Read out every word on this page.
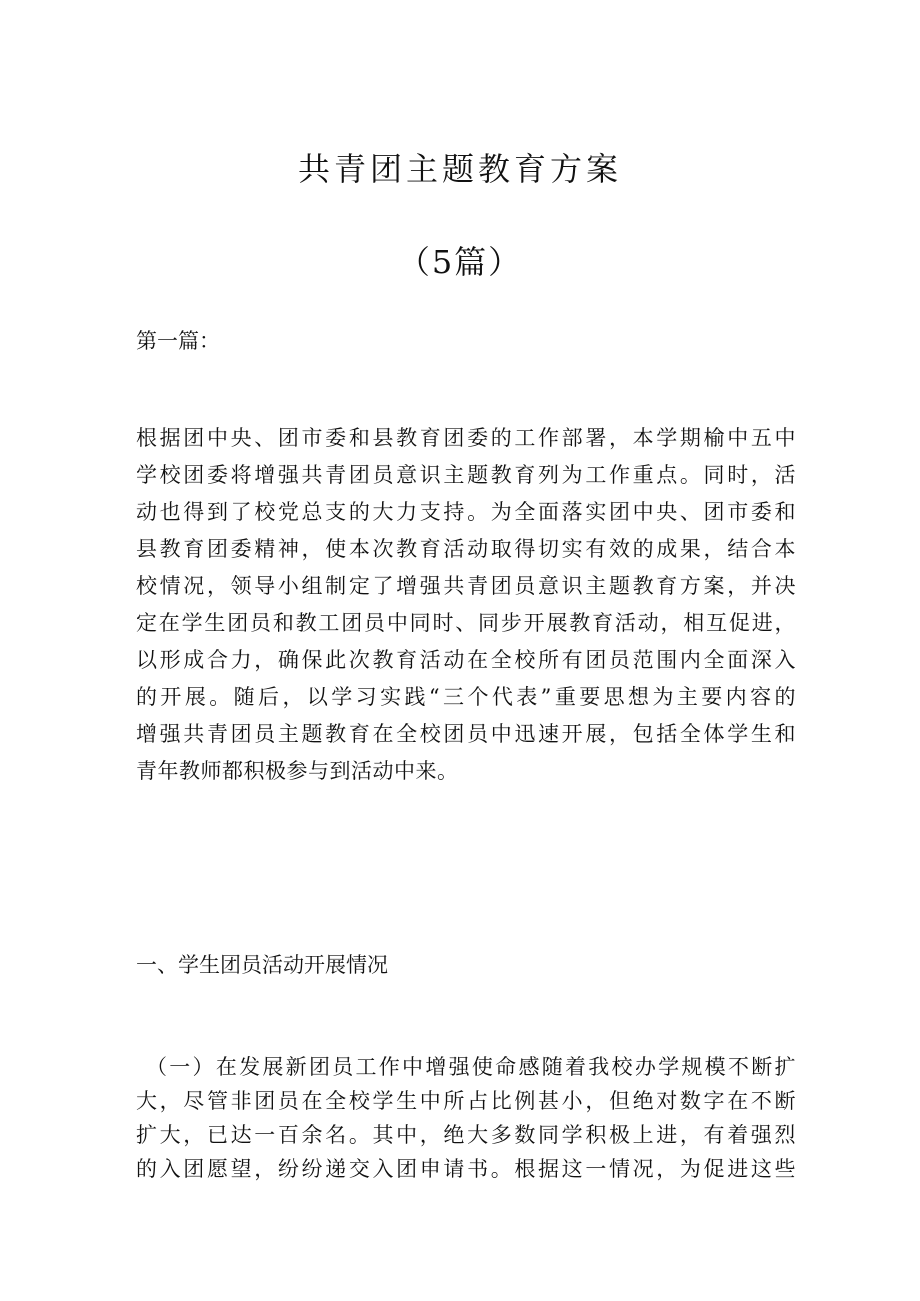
共青团主题教育方案
（5篇）

第一篇：

根据团中央、团市委和县教育团委的工作部署，本学期榆中五中
学校团委将增强共青团员意识主题教育列为工作重点。同时，活
动也得到了校党总支的大力支持。为全面落实团中央、团市委和
县教育团委精神，使本次教育活动取得切实有效的成果，结合本
校情况，领导小组制定了增强共青团员意识主题教育方案，并决
定在学生团员和教工团员中同时、同步开展教育活动，相互促进，
以形成合力，确保此次教育活动在全校所有团员范围内全面深入
的开展。随后，以学习实践“三个代表”重要思想为主要内容的
增强共青团员主题教育在全校团员中迅速开展，包括全体学生和
青年教师都积极参与到活动中来。

一、学生团员活动开展情况

（一）在发展新团员工作中增强使命感随着我校办学规模不断扩
大，尽管非团员在全校学生中所占比例甚小，但绝对数字在不断
扩大，已达一百余名。其中，绝大多数同学积极上进，有着强烈
的入团愿望，纷纷递交入团申请书。根据这一情况，为促进这些
